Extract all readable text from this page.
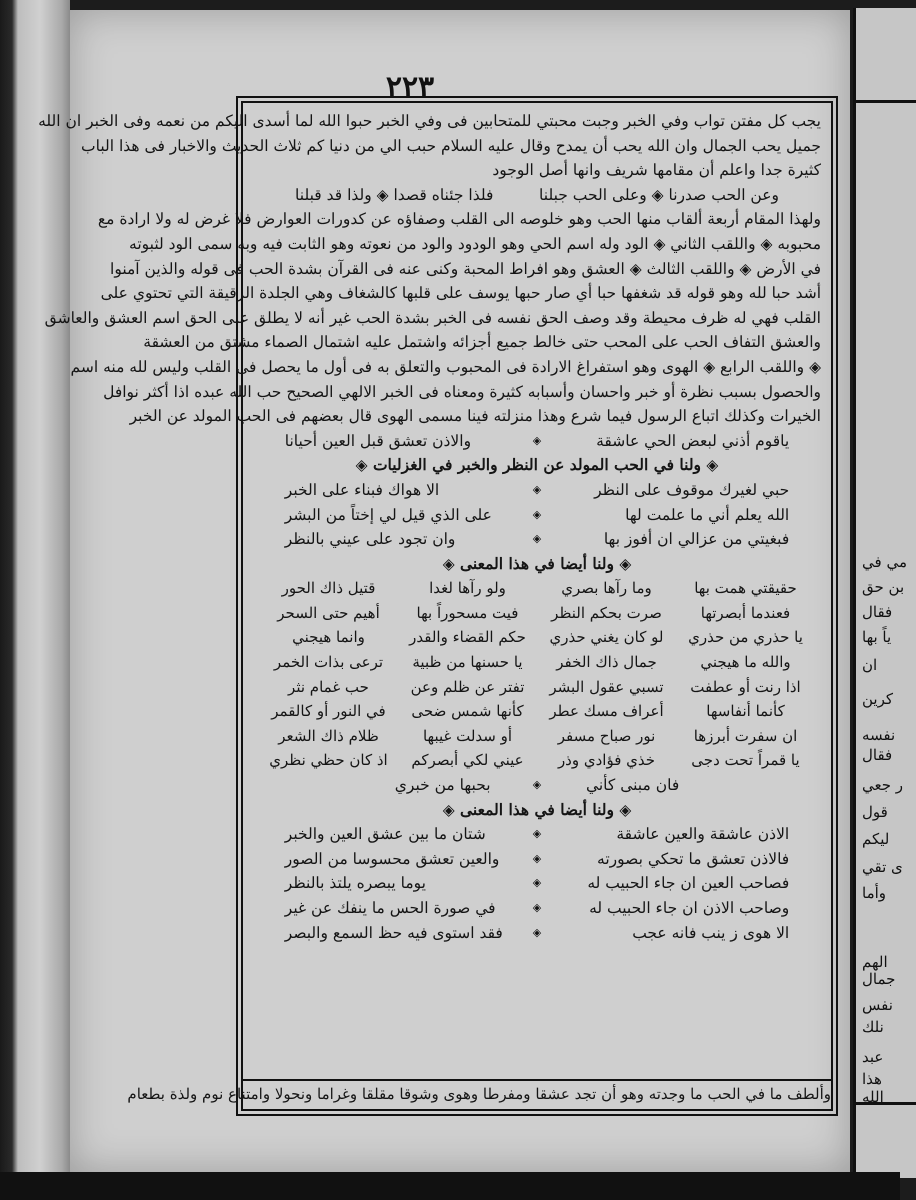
٢٢٣
يجب كل مفتن تواب وفي الخبر وجبت محبتي للمتحابين فى وفي الخبر حبوا الله لما أسدى اليكم من نعمه وفى الخبر ان الله
جميل يحب الجمال وان الله يحب أن يمدح وقال عليه السلام حبب الي من دنيا كم ثلاث الحديث والاخبار فى هذا الباب
كثيرة جدا واعلم أن مقامها شريف وانها أصل الوجود
وعن الحب صدرنا ◈ وعلى الحب جبلنا
فلذا جئناه قصدا ◈ ولذا قد قبلنا
ولهذا المقام أربعة ألقاب منها الحب وهو خلوصه الى القلب وصفاؤه عن كدورات العوارض فلا غرض له ولا ارادة مع
محبوبه ◈ واللقب الثاني ◈ الود وله اسم الحي وهو الودود والود من نعوته وهو الثابت فيه وبه سمى الود لثبوته
في الأرض ◈ واللقب الثالث ◈ العشق وهو افراط المحبة وكنى عنه فى القرآن بشدة الحب فى قوله والذين آمنوا
أشد حبا لله وهو قوله قد شغفها حبا أي صار حبها يوسف على قلبها كالشغاف وهي الجلدة الرقيقة التي تحتوي على
القلب فهي له ظرف محيطة وقد وصف الحق نفسه فى الخبر بشدة الحب غير أنه لا يطلق على الحق اسم العشق والعاشق
والعشق التفاف الحب على المحب حتى خالط جميع أجزائه واشتمل عليه اشتمال الصماء مشتق من العشقة
◈ واللقب الرابع ◈ الهوى وهو استفراغ الارادة فى المحبوب والتعلق به فى أول ما يحصل فى القلب وليس لله منه اسم
والحصول بسبب نظرة أو خبر واحسان وأسبابه كثيرة ومعناه فى الخبر الالهي الصحيح حب الله عبده اذا أكثر نوافل
الخيرات وكذلك اتباع الرسول فيما شرع وهذا منزلته فينا مسمى الهوى قال بعضهم فى الحب المولد عن الخبر
ياقوم أذني لبعض الحي عاشقة
◈
والاذن تعشق قبل العين أحيانا
◈ ولنا في الحب المولد عن النظر والخبر في الغزليات ◈
حبي لغيرك موقوف على النظر
◈
الا هواك فبناء على الخبر
الله يعلم أني ما علمت لها
◈
على الذي قيل لي إختاً من البشر
فبغيتي من عزالي ان أفوز بها
◈
وان تجود على عيني بالنظر
◈ ولنا أيضا في هذا المعنى ◈
حقيقتي همت بها
وما رآها بصري
ولو رآها لغدا
قتيل ذاك الحور
فعندما أبصرتها
صرت بحكم النظر
فيت مسحوراً بها
أهيم حتى السحر
يا حذري من حذري
لو كان يغني حذري
حكم القضاء والقدر
وانما هيجني
والله ما هيجني
جمال ذاك الخفر
يا حسنها من ظبية
ترعى بذات الخمر
اذا رنت أو عطفت
تسبي عقول البشر
تفتر عن ظلم وعن
حب غمام نثر
كأنما أنفاسها
أعراف مسك عطر
كأنها شمس ضحى
في النور أو كالقمر
ان سفرت أبرزها
نور صباح مسفر
أو سدلت غيبها
ظلام ذاك الشعر
يا قمراً تحت دجى
خذي فؤادي وذر
عيني لكي أبصركم
اذ كان حظي نظري
فان مبنى كأني
◈
بحبها من خبري
◈ ولنا أيضا في هذا المعنى ◈
الاذن عاشقة والعين عاشقة
◈
شتان ما بين عشق العين والخبر
فالاذن تعشق ما تحكي بصورته
◈
والعين تعشق محسوسا من الصور
فصاحب العين ان جاء الحبيب له
◈
يوما يبصره يلتذ بالنظر
وصاحب الاذن ان جاء الحبيب له
◈
في صورة الحس ما ينفك عن غير
الا هوى ز ينب فانه عجب
◈
فقد استوى فيه حظ السمع والبصر
وألطف ما في الحب ما وجدته وهو أن تجد عشقا ومفرطا وهوى وشوقا مقلقا وغراما ونحولا وامتناع نوم ولذة بطعام
مي في
بن حق
فقال
ياً بها
ان
كرين
نفسه
فقال
ر جعي
قول
ليكم
ى تقي
وأما
الهم
جمال
نفس
نلك
عبد
هذا
الله
